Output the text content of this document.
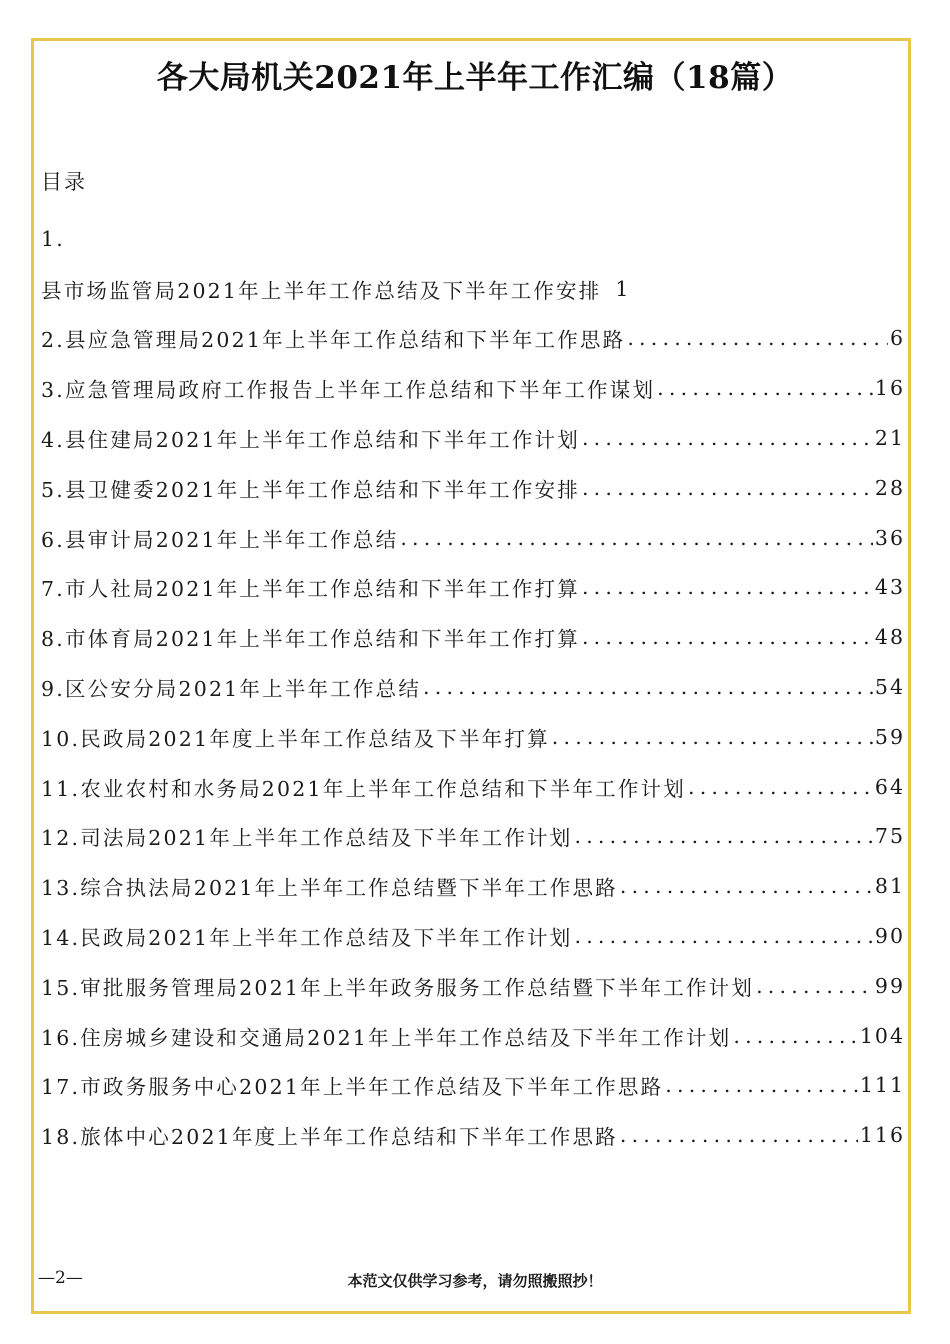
各大局机关2021年上半年工作汇编（18篇）
目录
1.
县市场监管局2021年上半年工作总结及下半年工作安排 1
2.县应急管理局2021年上半年工作总结和下半年工作思路 .....	6
3.应急管理局政府工作报告上半年工作总结和下半年工作谋划 .....	16
4.县住建局2021年上半年工作总结和下半年工作计划 .....	21
5.县卫健委2021年上半年工作总结和下半年工作安排 .....	28
6.县审计局2021年上半年工作总结 .....	36
7.市人社局2021年上半年工作总结和下半年工作打算 .....	43
8.市体育局2021年上半年工作总结和下半年工作打算 .....	48
9.区公安分局2021年上半年工作总结 .....	54
10.民政局2021年度上半年工作总结及下半年打算 .....	59
11.农业农村和水务局2021年上半年工作总结和下半年工作计划 .....	64
12.司法局2021年上半年工作总结及下半年工作计划 .....	75
13.综合执法局2021年上半年工作总结暨下半年工作思路 .....	81
14.民政局2021年上半年工作总结及下半年工作计划 .....	90
15.审批服务管理局2021年上半年政务服务工作总结暨下半年工作计划 .....	99
16.住房城乡建设和交通局2021年上半年工作总结及下半年工作计划 .....	104
17.市政务服务中心2021年上半年工作总结及下半年工作思路 .....	111
18.旅体中心2021年度上半年工作总结和下半年工作思路 .....	116
—2—	本范文仅供学习参考，请勿照搬照抄！
